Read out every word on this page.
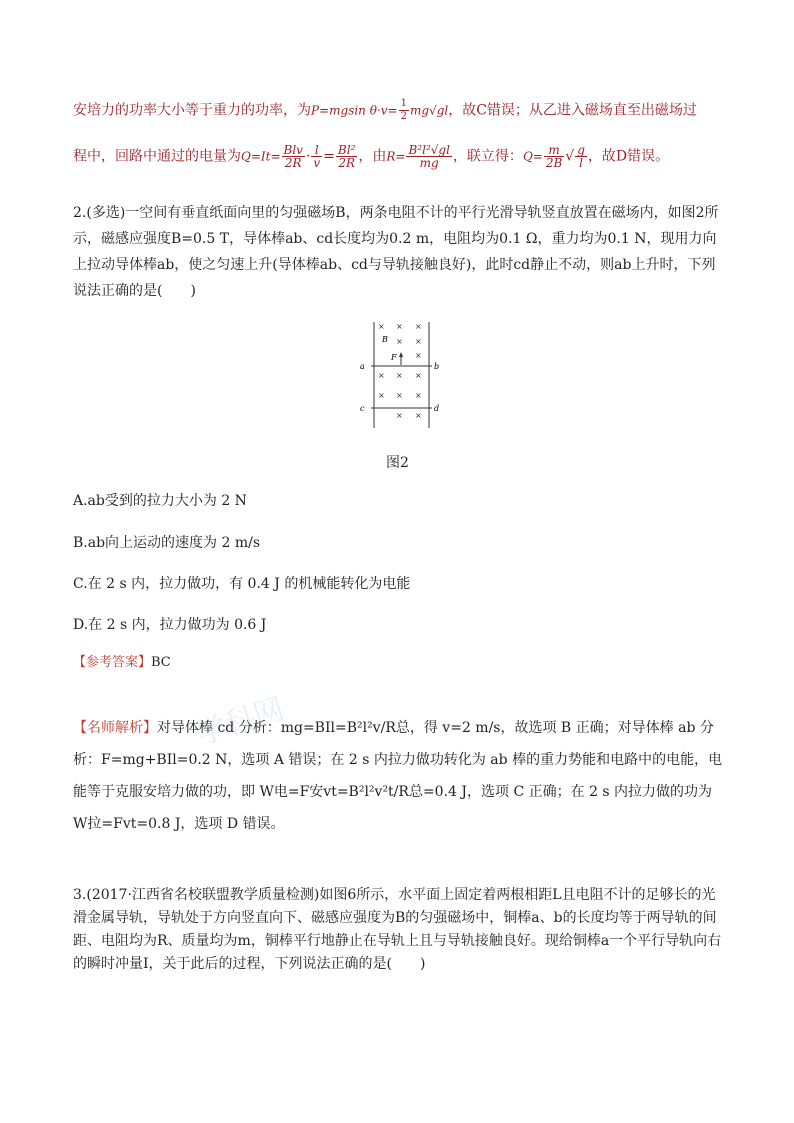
安培力的功率大小等于重力的功率，为P=mgsin $\theta\cdot v= \frac{1}{2} mg√gl$，故C错误；从乙进入磁场直至出磁场过
程中，回路中通过的电量为$Q=It= \frac{\text{Blv}}{2R} \cdot \frac{l}{v} = \frac{\text{Bl²}}{2R}$ ，由$R= \frac{\text{B²l²√gl}}{mg}$ ，联立得：$Q= \frac{m}{2B}$ √ $\frac{g}{l}$ ，故D错误。

2.(多选)一空间有垂直纸面向里的匀强磁场B，两条电阻不计的平行光滑导轨竖直放置在磁场内，如图2所示，磁感应强度B=0.5 T，导体棒ab、cd长度均为0.2 m，电阻均为0.1 Ω，重力均为0.1 N，现用力向上拉动导体棒ab，使之匀速上升(导体棒ab、cd与导轨接触良好)，此时cd静止不动，则ab上升时，下列说法正确的是(　　)

× × ×
× ×
×
× × ×
× × ×
× ×
B
F
a	b
c	d
图2
A.ab受到的拉力大小为 2 N
B.ab向上运动的速度为 2 m/s
C.在 2 s 内，拉力做功，有 0.4 J 的机械能转化为电能
D.在 2 s 内，拉力做功为 0.6 J
【参考答案】BC
学科网
【名师解析】对导体棒 cd 分析：mg=BIl=B²l²v/R总，得 v=2 m/s，故选项 B 正确；对导体棒 ab 分析：F=mg+BIl=0.2 N，选项 A 错误；在 2 s 内拉力做功转化为 ab 棒的重力势能和电路中的电能，电能等于克服安培力做的功，即 W电=F安vt=B²l²v²t/R总=0.4 J，选项 C 正确；在 2 s 内拉力做的功为 W拉=Fvt=0.8 J，选项 D 错误。

3.(2017·江西省名校联盟教学质量检测)如图6所示，水平面上固定着两根相距L且电阻不计的足够长的光滑金属导轨，导轨处于方向竖直向下、磁感应强度为B的匀强磁场中，铜棒a、b的长度均等于两导轨的间距、电阻均为R、质量均为m，铜棒平行地静止在导轨上且与导轨接触良好。现给铜棒a一个平行导轨向右的瞬时冲量I，关于此后的过程，下列说法正确的是(　　)
